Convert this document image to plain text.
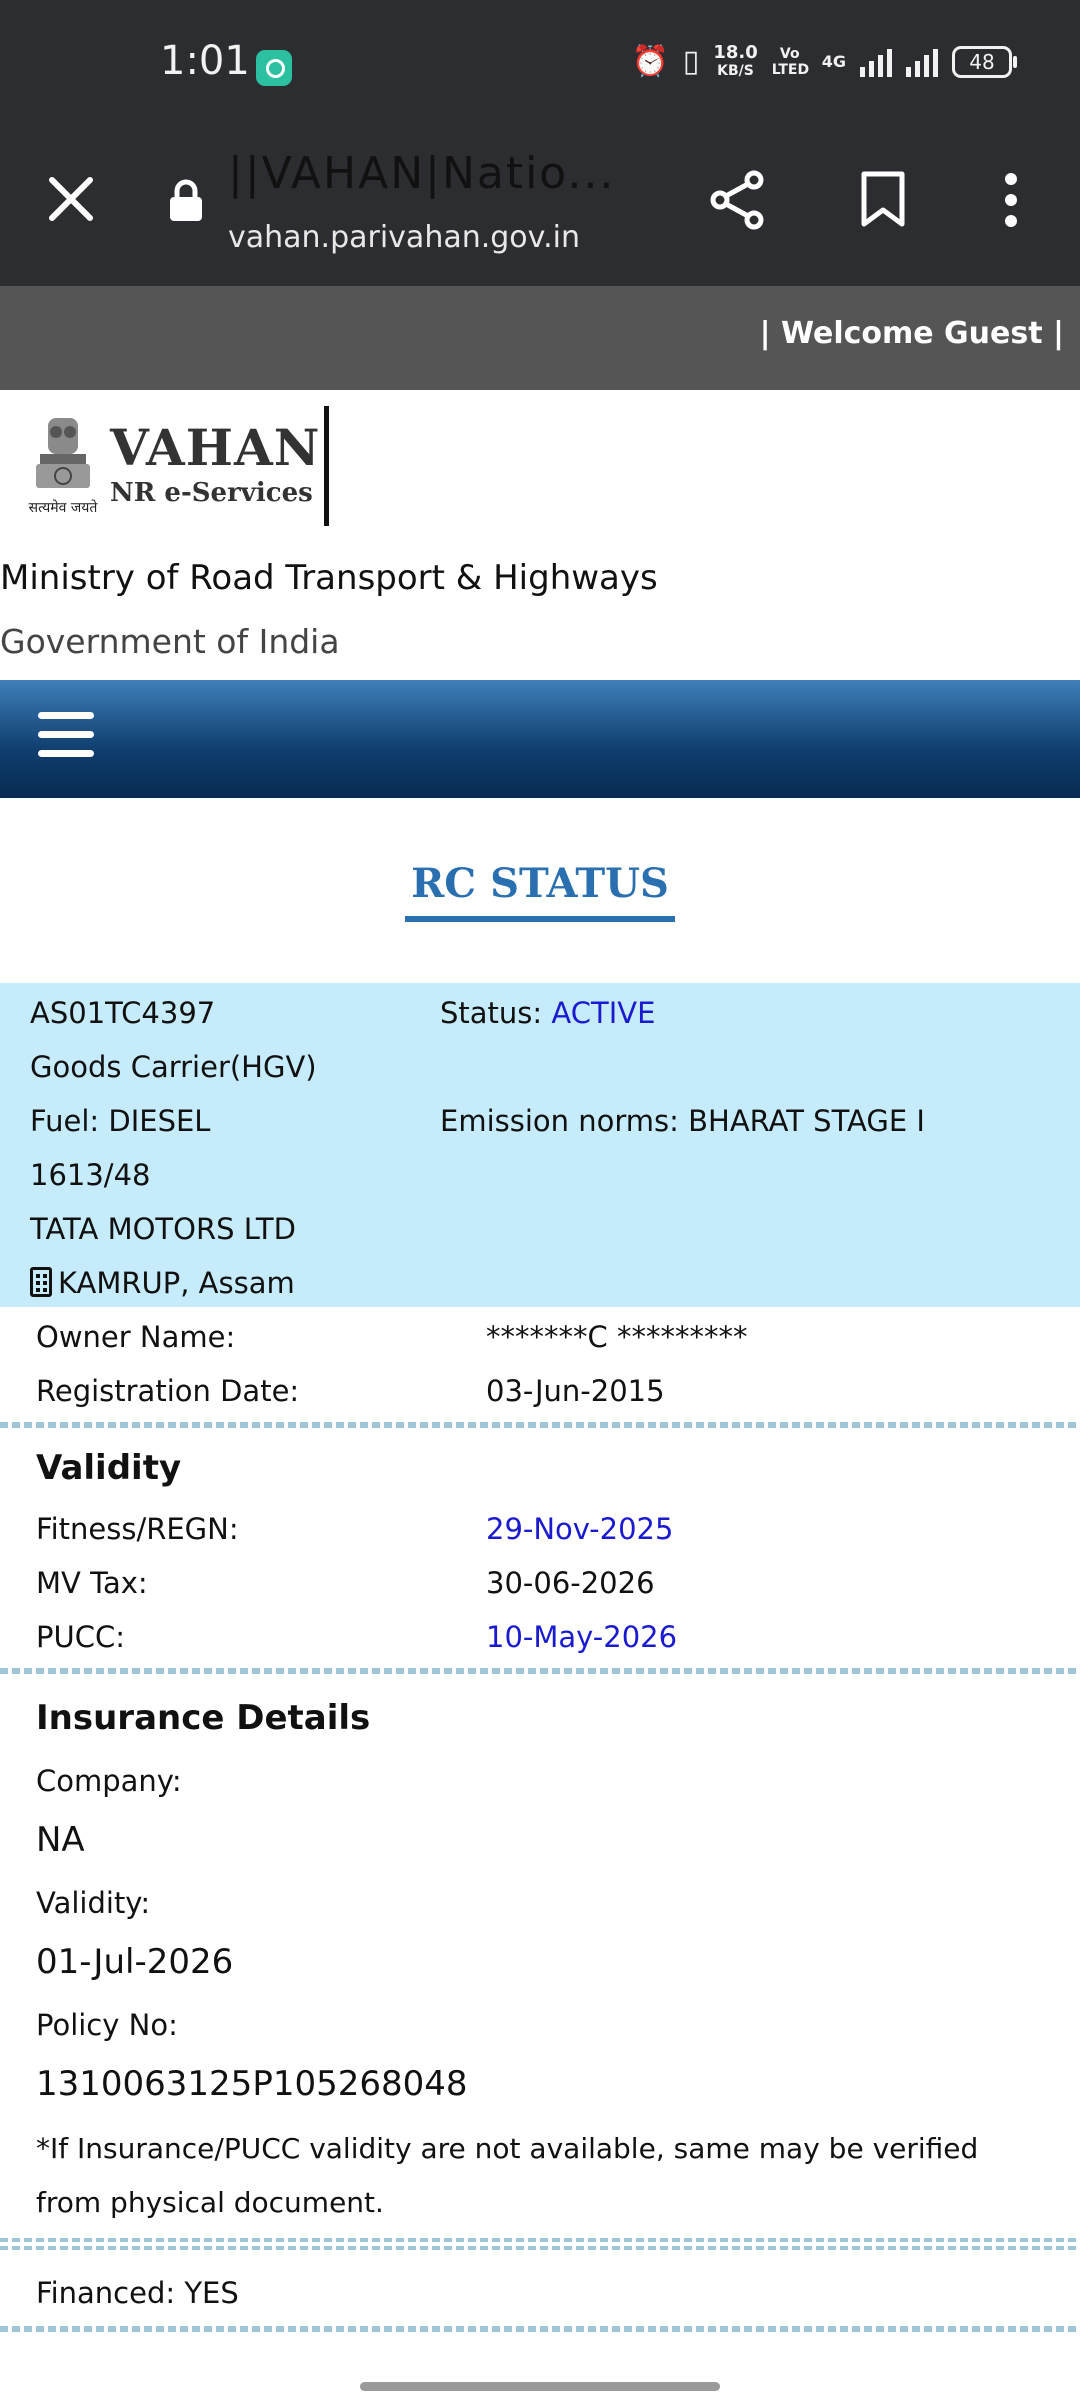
1:01	⏰ ▯ 18.0
KB/S
Vo LTED 4G	48
||VAHAN|Natio...
vahan.parivahan.gov.in
| Welcome Guest |
सत्यमेव जयते
VAHAN
NR e-Services
Ministry of Road Transport & Highways
Government of India
RC STATUS
AS01TC4397	Status: ACTIVE
Goods Carrier(HGV)
Fuel: DIESEL	Emission norms: BHARAT STAGE I
1613/48
TATA MOTORS LTD
KAMRUP, Assam
Owner Name:	*******C *********
Registration Date:	03-Jun-2015
Validity
Fitness/REGN:	29-Nov-2025
MV Tax:	30-06-2026
PUCC:	10-May-2026
Insurance Details
Company:
NA
Validity:
01-Jul-2026
Policy No:
1310063125P105268048
*If Insurance/PUCC validity are not available, same may be verified
from physical document.
Financed: YES
